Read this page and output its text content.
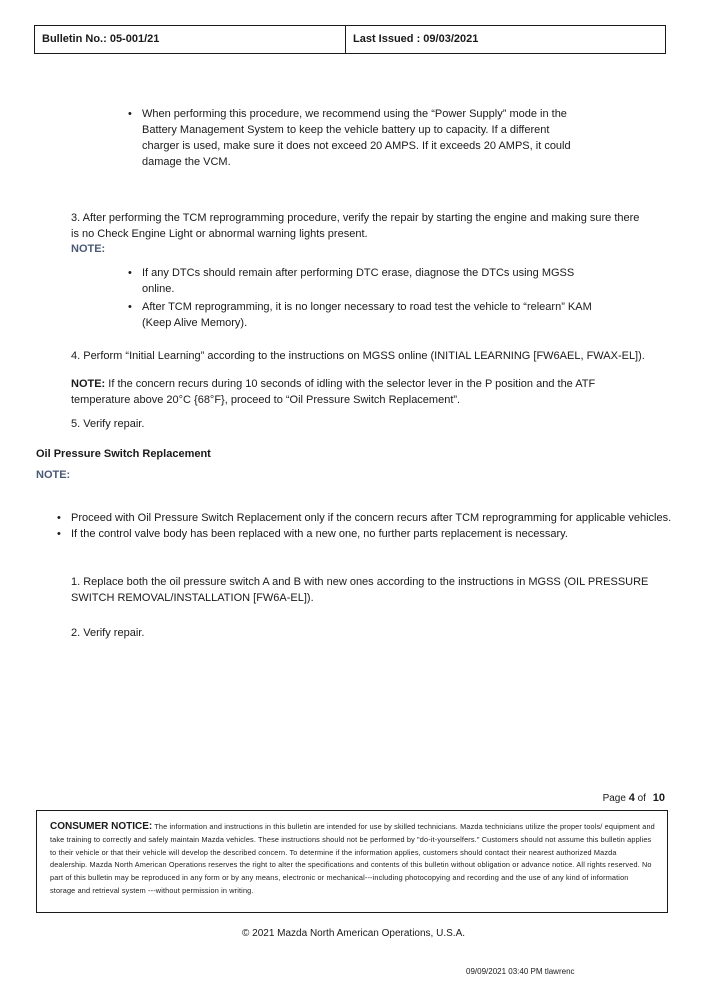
Bulletin No.: 05-001/21	Last Issued : 09/03/2021
• When performing this procedure, we recommend using the “Power Supply” mode in the Battery Management System to keep the vehicle battery up to capacity. If a different charger is used, make sure it does not exceed 20 AMPS. If it exceeds 20 AMPS, it could damage the VCM.
3. After performing the TCM reprogramming procedure, verify the repair by starting the engine and making sure there is no Check Engine Light or abnormal warning lights present.
NOTE:
• If any DTCs should remain after performing DTC erase, diagnose the DTCs using MGSS online.
• After TCM reprogramming, it is no longer necessary to road test the vehicle to “relearn” KAM (Keep Alive Memory).
4. Perform “Initial Learning” according to the instructions on MGSS online (INITIAL LEARNING [FW6AEL, FWAX-EL]).
NOTE: If the concern recurs during 10 seconds of idling with the selector lever in the P position and the ATF temperature above 20°C {68°F}, proceed to “Oil Pressure Switch Replacement”.
5. Verify repair.
Oil Pressure Switch Replacement
NOTE:
• Proceed with Oil Pressure Switch Replacement only if the concern recurs after TCM reprogramming for applicable vehicles.
• If the control valve body has been replaced with a new one, no further parts replacement is necessary.
1. Replace both the oil pressure switch A and B with new ones according to the instructions in MGSS (OIL PRESSURE SWITCH REMOVAL/INSTALLATION [FW6A-EL]).
2. Verify repair.
Page 4 of 10
CONSUMER NOTICE: The information and instructions in this bulletin are intended for use by skilled technicians. Mazda technicians utilize the proper tools/ equipment and take training to correctly and safely maintain Mazda vehicles. These instructions should not be performed by "do-it-yourselfers." Customers should not assume this bulletin applies to their vehicle or that their vehicle will develop the described concern. To determine if the information applies, customers should contact their nearest authorized Mazda dealership. Mazda North American Operations reserves the right to alter the specifications and contents of this bulletin without obligation or advance notice. All rights reserved. No part of this bulletin may be reproduced in any form or by any means, electronic or mechanical---including photocopying and recording and the use of any kind of information storage and retrieval system ---without permission in writing.
© 2021 Mazda North American Operations, U.S.A.
09/09/2021 03:40 PM tlawrenc
